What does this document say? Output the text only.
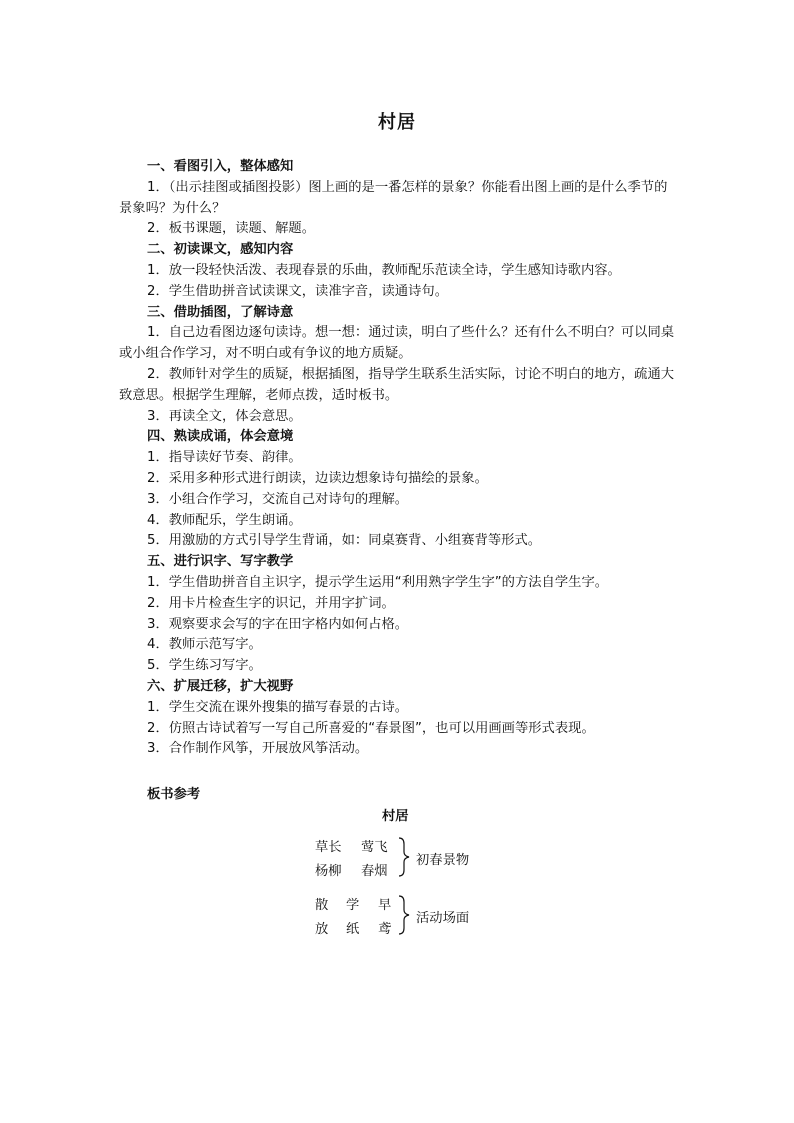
村居

一、看图引入，整体感知

1．（出示挂图或插图投影）图上画的是一番怎样的景象？你能看出图上画的是什么季节的景象吗？为什么？

2．板书课题，读题、解题。

二、初读课文，感知内容

1．放一段轻快活泼、表现春景的乐曲，教师配乐范读全诗，学生感知诗歌内容。

2．学生借助拼音试读课文，读准字音，读通诗句。

三、借助插图，了解诗意

1．自己边看图边逐句读诗。想一想：通过读，明白了些什么？还有什么不明白？可以同桌或小组合作学习，对不明白或有争议的地方质疑。

2．教师针对学生的质疑，根据插图，指导学生联系生活实际，讨论不明白的地方，疏通大致意思。根据学生理解，老师点拨，适时板书。

3．再读全文，体会意思。

四、熟读成诵，体会意境

1．指导读好节奏、韵律。

2．采用多种形式进行朗读，边读边想象诗句描绘的景象。

3．小组合作学习，交流自己对诗句的理解。

4．教师配乐，学生朗诵。

5．用激励的方式引导学生背诵，如：同桌赛背、小组赛背等形式。

五、进行识字、写字教学

1．学生借助拼音自主识字，提示学生运用“利用熟字学生字”的方法自学生字。

2．用卡片检查生字的识记，并用字扩词。

3．观察要求会写的字在田字格内如何占格。

4．教师示范写字。

5．学生练习写字。

六、扩展迁移，扩大视野

1．学生交流在课外搜集的描写春景的古诗。

2．仿照古诗试着写一写自己所喜爱的“春景图”，也可以用画画等形式表现。

3．合作制作风筝，开展放风筝活动。

板书参考
村居
草长 莺飞
杨柳 春烟
初春景物
散 学 早
放 纸 鸢
活动场面
